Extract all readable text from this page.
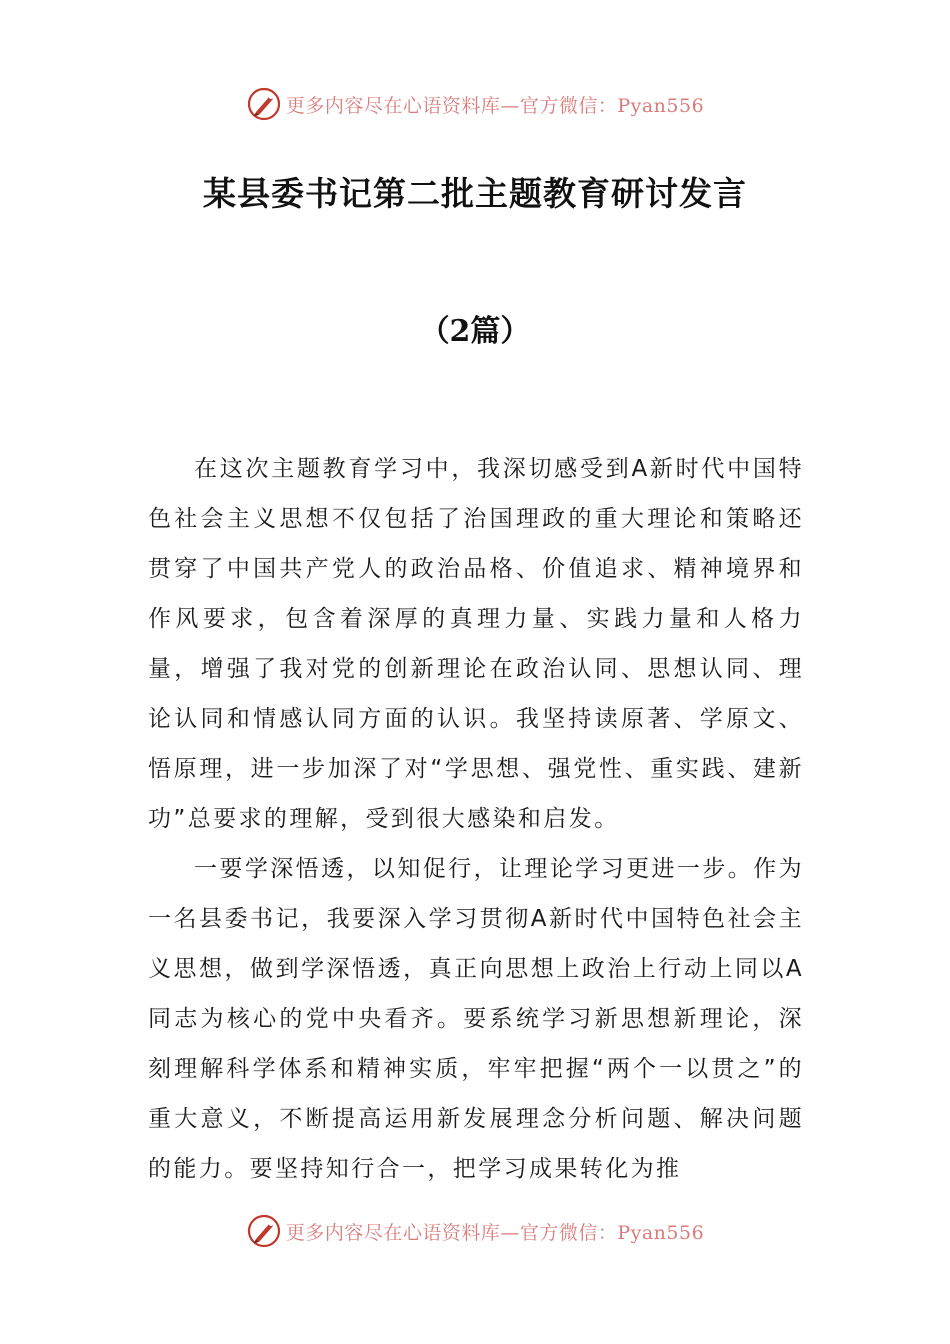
更多内容尽在心语资料库—官方微信：Pyan556
某县委书记第二批主题教育研讨发言
（2篇）

在这次主题教育学习中，我深切感受到A新时代中国特色社会主义思想不仅包括了治国理政的重大理论和策略还贯穿了中国共产党人的政治品格、价值追求、精神境界和作风要求，包含着深厚的真理力量、实践力量和人格力量，增强了我对党的创新理论在政治认同、思想认同、理论认同和情感认同方面的认识。我坚持读原著、学原文、悟原理，进一步加深了对“学思想、强党性、重实践、建新功”总要求的理解，受到很大感染和启发。

一要学深悟透，以知促行，让理论学习更进一步。作为一名县委书记，我要深入学习贯彻A新时代中国特色社会主义思想，做到学深悟透，真正向思想上政治上行动上同以A同志为核心的党中央看齐。要系统学习新思想新理论，深刻理解科学体系和精神实质，牢牢把握“两个一以贯之”的重大意义，不断提高运用新发展理念分析问题、解决问题的能力。要坚持知行合一，把学习成果转化为推

更多内容尽在心语资料库—官方微信：Pyan556
